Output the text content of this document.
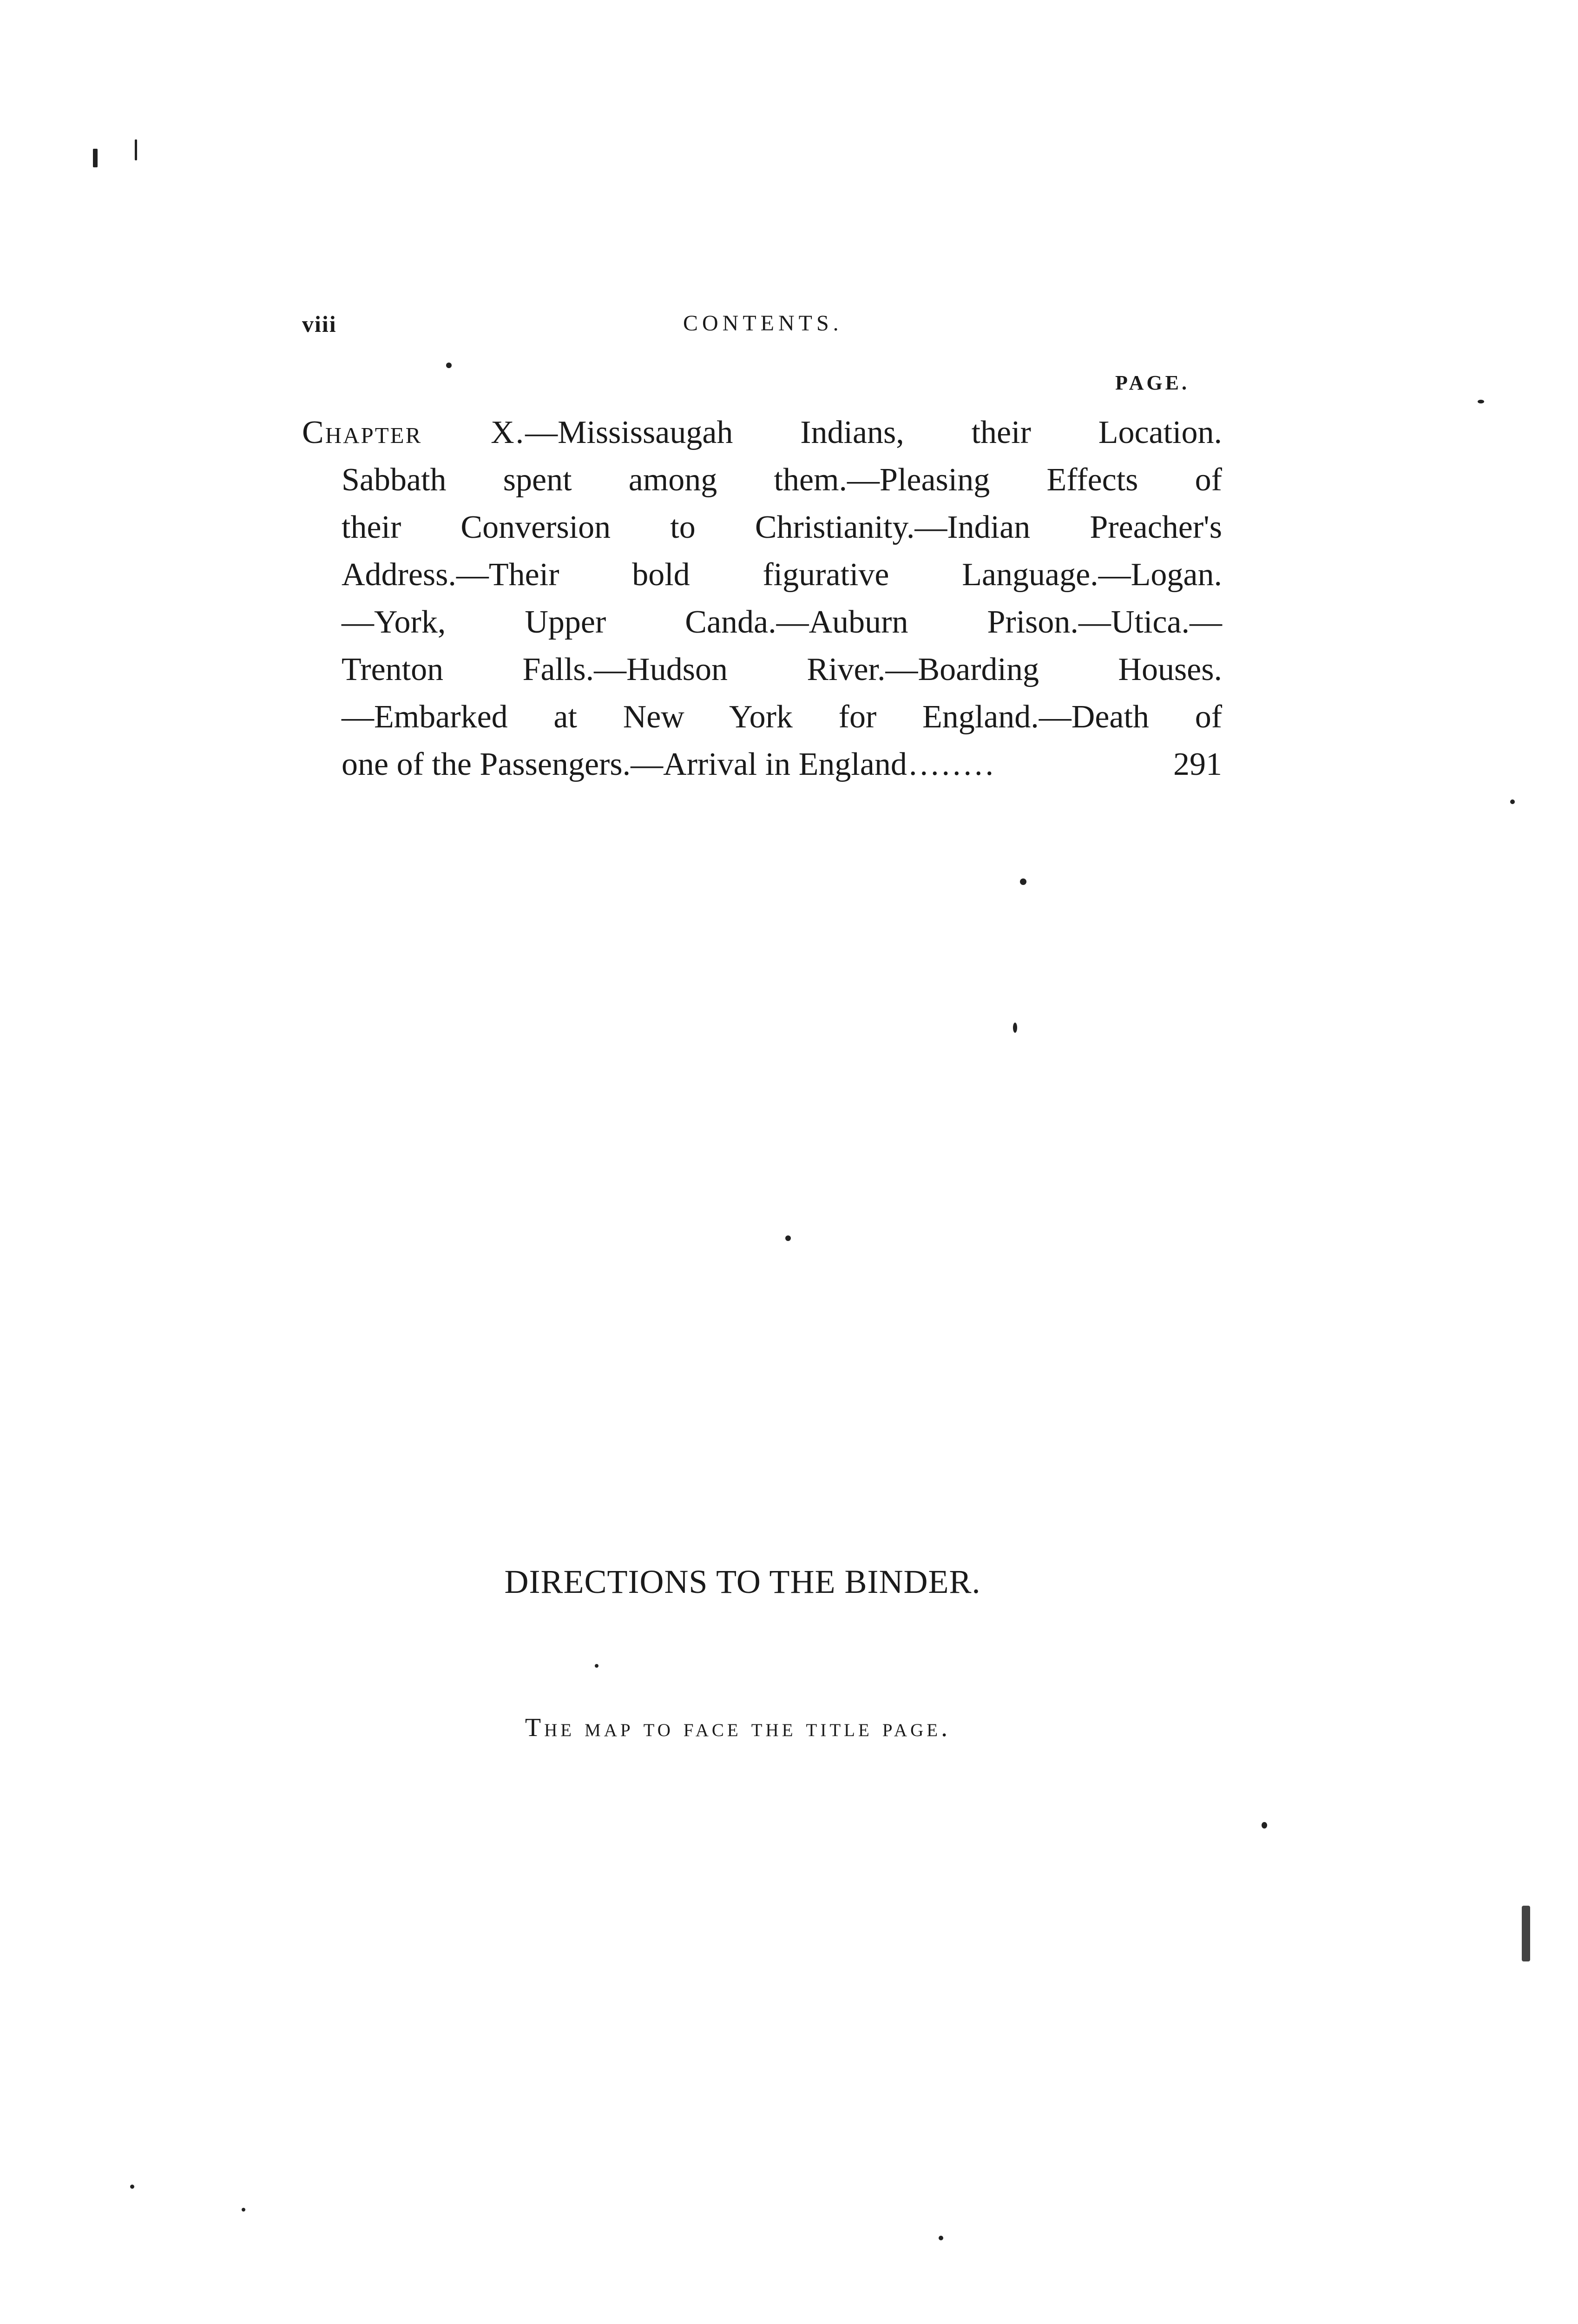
viii	CONTENTS.
PAGE.
Chapter X.—Mississaugah Indians, their Location.
Sabbath spent among them.—Pleasing Effects of
their Conversion to Christianity.—Indian Preacher's
Address.—Their bold figurative Language.—Logan.
—York, Upper Canda.—Auburn Prison.—Utica.—
Trenton Falls.—Hudson River.—Boarding Houses.
—Embarked at New York for England.—Death of
one of the Passengers.—Arrival in England ........	291
DIRECTIONS TO THE BINDER.
The map to face the title page.
